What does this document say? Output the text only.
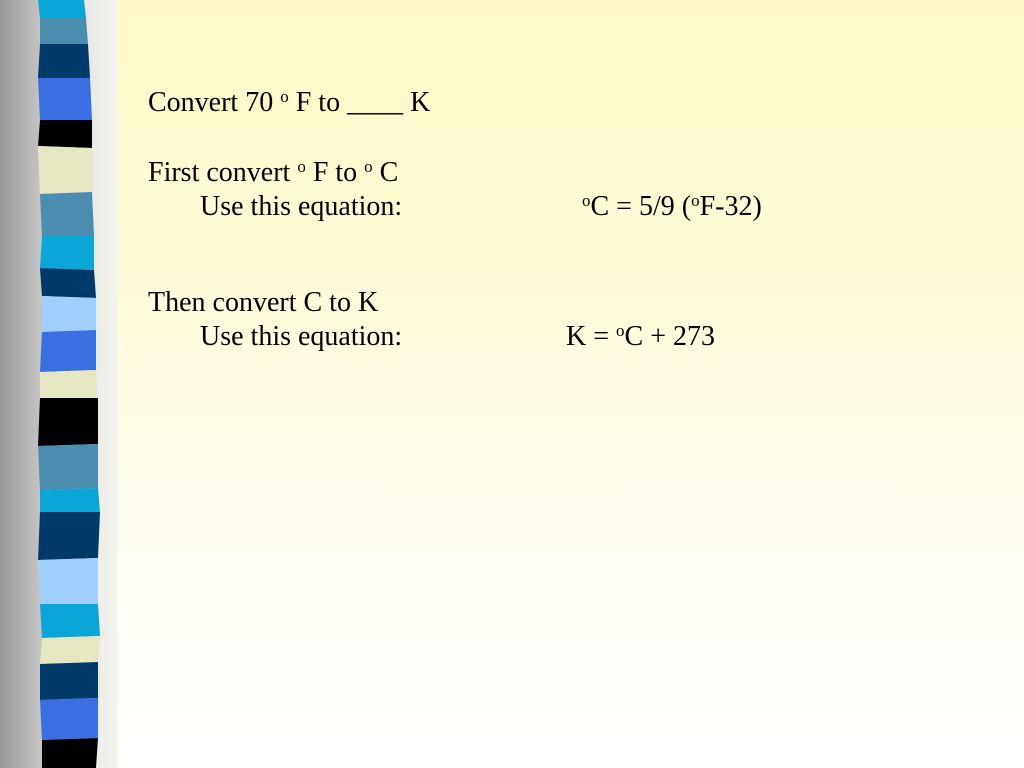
Convert 70 $^o$ F to ____ K
First convert $^o$ F to $^o$ C
Use this equation:	$^o$C = 5/9 ($^o$F-32)
Then convert C to K
Use this equation:	K = $^o$C + 273
